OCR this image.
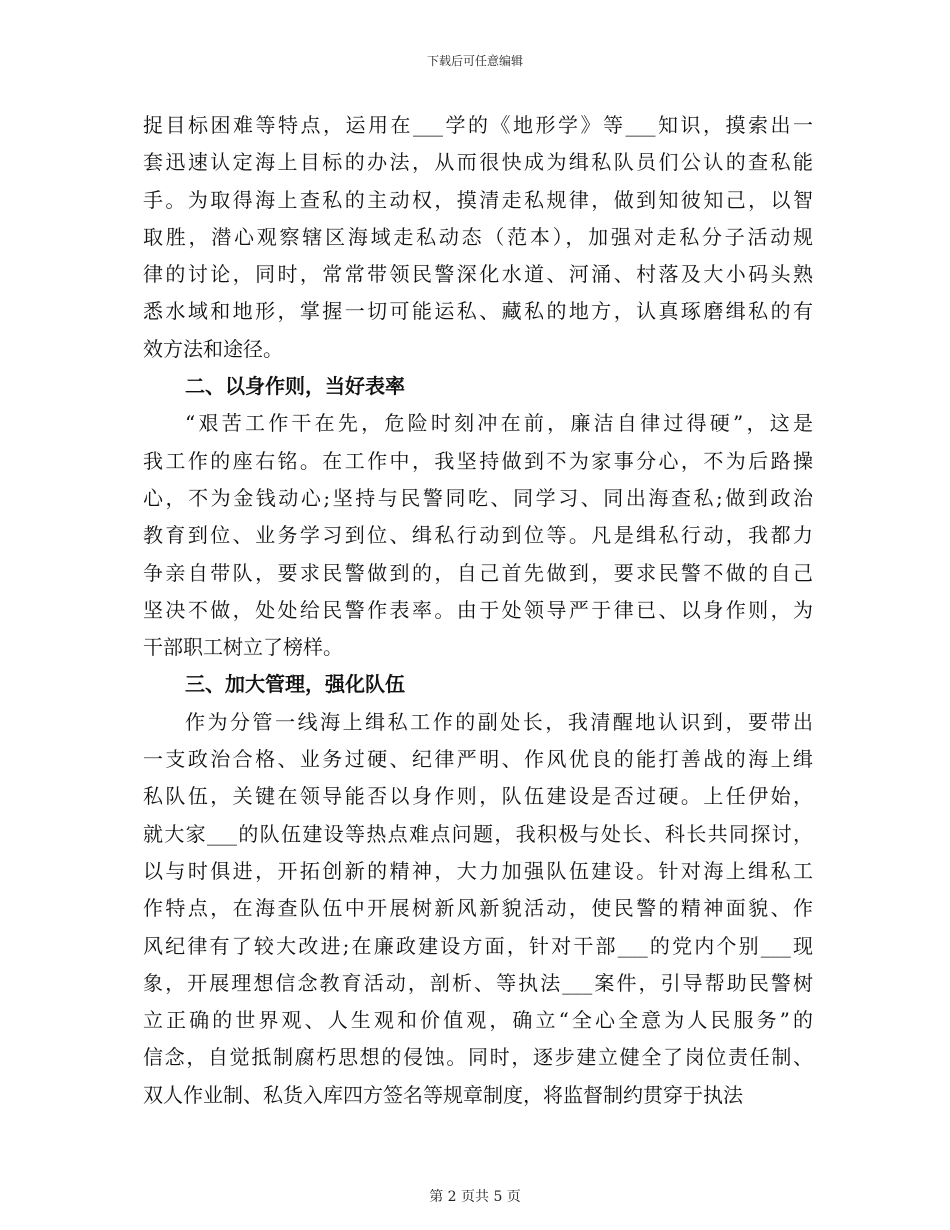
下载后可任意编辑
捉目标困难等特点，运用在___学的《地形学》等___知识，摸索出一
套迅速认定海上目标的办法，从而很快成为缉私队员们公认的查私能
手。为取得海上查私的主动权，摸清走私规律，做到知彼知己，以智
取胜，潜心观察辖区海域走私动态（范本），加强对走私分子活动规
律的讨论，同时，常常带领民警深化水道、河涌、村落及大小码头熟
悉水域和地形，掌握一切可能运私、藏私的地方，认真琢磨缉私的有
效方法和途径。
二、以身作则，当好表率
“艰苦工作干在先，危险时刻冲在前，廉洁自律过得硬”，这是
我工作的座右铭。在工作中，我坚持做到不为家事分心，不为后路操
心，不为金钱动心;坚持与民警同吃、同学习、同出海查私;做到政治
教育到位、业务学习到位、缉私行动到位等。凡是缉私行动，我都力
争亲自带队，要求民警做到的，自己首先做到，要求民警不做的自己
坚决不做，处处给民警作表率。由于处领导严于律已、以身作则，为
干部职工树立了榜样。
三、加大管理，强化队伍
作为分管一线海上缉私工作的副处长，我清醒地认识到，要带出
一支政治合格、业务过硬、纪律严明、作风优良的能打善战的海上缉
私队伍，关键在领导能否以身作则，队伍建设是否过硬。上任伊始，
就大家___的队伍建设等热点难点问题，我积极与处长、科长共同探讨，
以与时俱进，开拓创新的精神，大力加强队伍建设。针对海上缉私工
作特点，在海查队伍中开展树新风新貌活动，使民警的精神面貌、作
风纪律有了较大改进;在廉政建设方面，针对干部___的党内个别___现
象，开展理想信念教育活动，剖析、等执法___案件，引导帮助民警树
立正确的世界观、人生观和价值观，确立“全心全意为人民服务”的
信念，自觉抵制腐朽思想的侵蚀。同时，逐步建立健全了岗位责任制、
双人作业制、私货入库四方签名等规章制度，将监督制约贯穿于执法
第 2 页共 5 页
